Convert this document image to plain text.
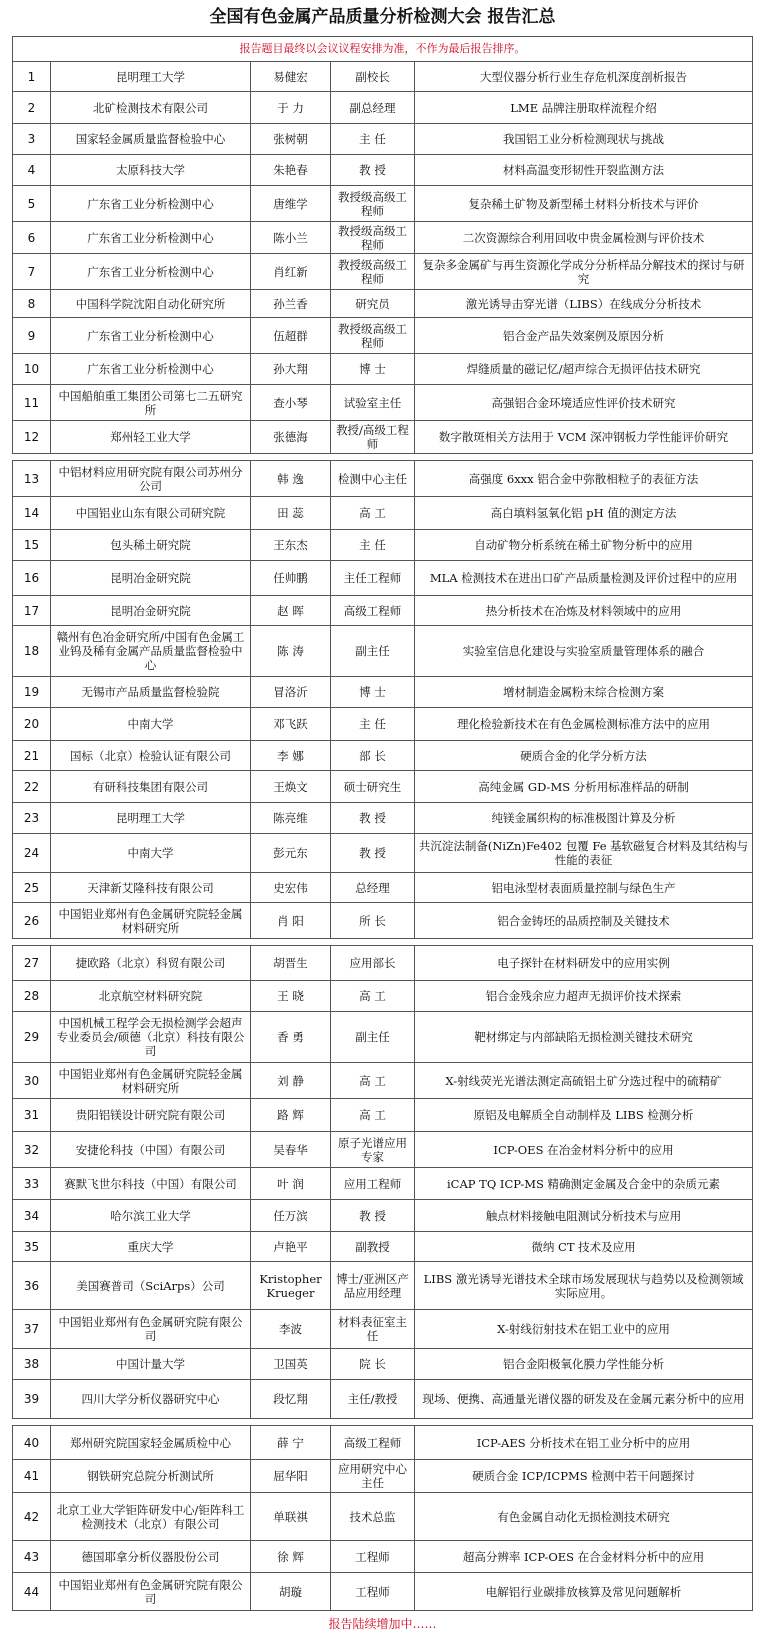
全国有色金属产品质量分析检测大会 报告汇总
报告题目最终以会议议程安排为准，不作为最后报告排序。				
1	昆明理工大学	易健宏	副校长	大型仪器分析行业生存危机深度剖析报告
2	北矿检测技术有限公司	于 力	副总经理	LME 品牌注册取样流程介绍
3	国家轻金属质量监督检验中心	张树朝	主 任	我国铝工业分析检测现状与挑战
4	太原科技大学	朱艳春	教 授	材料高温变形韧性开裂监测方法
5	广东省工业分析检测中心	唐维学	教授级高级工程师	复杂稀土矿物及新型稀土材料分析技术与评价
6	广东省工业分析检测中心	陈小兰	教授级高级工程师	二次资源综合利用回收中贵金属检测与评价技术
7	广东省工业分析检测中心	肖红新	教授级高级工程师	复杂多金属矿与再生资源化学成分分析样品分解技术的探讨与研究
8	中国科学院沈阳自动化研究所	孙兰香	研究员	激光诱导击穿光谱（LIBS）在线成分分析技术
9	广东省工业分析检测中心	伍超群	教授级高级工程师	铝合金产品失效案例及原因分析
10	广东省工业分析检测中心	孙大翔	博 士	焊缝质量的磁记忆/超声综合无损评估技术研究
11	中国船舶重工集团公司第七二五研究所	查小琴	试验室主任	高强铝合金环境适应性评价技术研究
12	郑州轻工业大学	张德海	教授/高级工程师	数字散斑相关方法用于 VCM 深冲钢板力学性能评价研究

13	中铝材料应用研究院有限公司苏州分公司	韩 逸	检测中心主任	高强度 6xxx 铝合金中弥散相粒子的表征方法
14	中国铝业山东有限公司研究院	田 蕊	高 工	高白填料氢氧化铝 pH 值的测定方法
15	包头稀土研究院	王东杰	主 任	自动矿物分析系统在稀土矿物分析中的应用
16	昆明冶金研究院	任帅鹏	主任工程师	MLA 检测技术在进出口矿产品质量检测及评价过程中的应用
17	昆明冶金研究院	赵 晖	高级工程师	热分析技术在冶炼及材料领域中的应用
18	赣州有色冶金研究所/中国有色金属工业钨及稀有金属产品质量监督检验中心	陈 涛	副主任	实验室信息化建设与实验室质量管理体系的融合
19	无锡市产品质量监督检验院	冒洛沂	博 士	增材制造金属粉末综合检测方案
20	中南大学	邓飞跃	主 任	理化检验新技术在有色金属检测标准方法中的应用
21	国标（北京）检验认证有限公司	李 娜	部 长	硬质合金的化学分析方法
22	有研科技集团有限公司	王焕文	硕士研究生	高纯金属 GD-MS 分析用标准样品的研制
23	昆明理工大学	陈亮维	教 授	纯镁金属织构的标准极图计算及分析
24	中南大学	彭元东	教 授	共沉淀法制备(NiZn)Fe402 包覆 Fe 基软磁复合材料及其结构与性能的表征
25	天津新艾隆科技有限公司	史宏伟	总经理	铝电泳型材表面质量控制与绿色生产
26	中国铝业郑州有色金属研究院轻金属材料研究所	肖 阳	所 长	铝合金铸坯的品质控制及关键技术

27	捷欧路（北京）科贸有限公司	胡晋生	应用部长	电子探针在材料研发中的应用实例
28	北京航空材料研究院	王 晓	高 工	铝合金残余应力超声无损评价技术探索
29	中国机械工程学会无损检测学会超声专业委员会/硕德（北京）科技有限公司	香 勇	副主任	靶材绑定与内部缺陷无损检测关键技术研究
30	中国铝业郑州有色金属研究院轻金属材料研究所	刘 静	高 工	X-射线荧光光谱法测定高硫铝土矿分选过程中的硫精矿
31	贵阳铝镁设计研究院有限公司	路 辉	高 工	原铝及电解质全自动制样及 LIBS 检测分析
32	安捷伦科技（中国）有限公司	吴春华	原子光谱应用专家	ICP-OES 在冶金材料分析中的应用
33	赛默飞世尔科技（中国）有限公司	叶 润	应用工程师	iCAP TQ ICP-MS 精确测定金属及合金中的杂质元素
34	哈尔滨工业大学	任万滨	教 授	触点材料接触电阻测试分析技术与应用
35	重庆大学	卢艳平	副教授	微纳 CT 技术及应用
36	美国赛普司（SciArps）公司	Kristopher Krueger	博士/亚洲区产品应用经理	LIBS 激光诱导光谱技术全球市场发展现状与趋势以及检测领域实际应用。
37	中国铝业郑州有色金属研究院有限公司	李波	材料表征室主任	X-射线衍射技术在铝工业中的应用
38	中国计量大学	卫国英	院 长	铝合金阳极氧化膜力学性能分析
39	四川大学分析仪器研究中心	段忆翔	主任/教授	现场、便携、高通量光谱仪器的研发及在金属元素分析中的应用

40	郑州研究院国家轻金属质检中心	薛 宁	高级工程师	ICP-AES 分析技术在铝工业分析中的应用
41	钢铁研究总院分析测试所	屈华阳	应用研究中心主任	硬质合金 ICP/ICPMS 检测中若干问题探讨
42	北京工业大学钜阵研发中心/钜阵科工检测技术（北京）有限公司	单联祺	技术总监	有色金属自动化无损检测技术研究
43	德国耶拿分析仪器股份公司	徐 辉	工程师	超高分辨率 ICP-OES 在合金材料分析中的应用
44	中国铝业郑州有色金属研究院有限公司	胡璇	工程师	电解铝行业碳排放核算及常见问题解析
报告陆续增加中……
